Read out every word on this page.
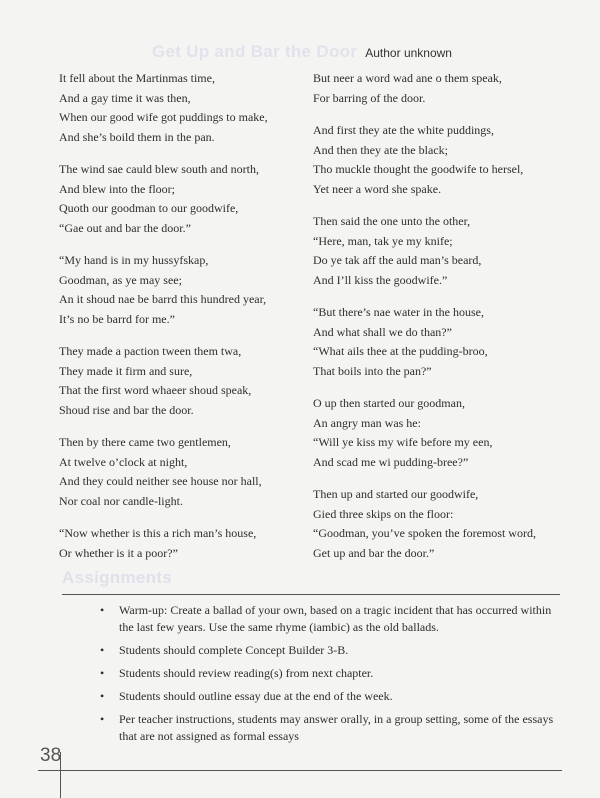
Get Up and Bar the Door Author unknown
It fell about the Martinmas time,
And a gay time it was then,
When our good wife got puddings to make,
And she’s boild them in the pan.
The wind sae cauld blew south and north,
And blew into the floor;
Quoth our goodman to our goodwife,
“Gae out and bar the door.”
“My hand is in my hussyfskap,
Goodman, as ye may see;
An it shoud nae be barrd this hundred year,
It’s no be barrd for me.”
They made a paction tween them twa,
They made it firm and sure,
That the first word whaeer shoud speak,
Shoud rise and bar the door.
Then by there came two gentlemen,
At twelve o’clock at night,
And they could neither see house nor hall,
Nor coal nor candle-light.
“Now whether is this a rich man’s house,
Or whether is it a poor?”
But neer a word wad ane o them speak,
For barring of the door.
And first they ate the white puddings,
And then they ate the black;
Tho muckle thought the goodwife to hersel,
Yet neer a word she spake.
Then said the one unto the other,
“Here, man, tak ye my knife;
Do ye tak aff the auld man’s beard,
And I’ll kiss the goodwife.”
“But there’s nae water in the house,
And what shall we do than?”
“What ails thee at the pudding-broo,
That boils into the pan?”
O up then started our goodman,
An angry man was he:
“Will ye kiss my wife before my een,
And scad me wi pudding-bree?”
Then up and started our goodwife,
Gied three skips on the floor:
“Goodman, you’ve spoken the foremost word,
Get up and bar the door.”
Assignments
• Warm-up: Create a ballad of your own, based on a tragic incident that has occurred within the last few years. Use the same rhyme (iambic) as the old ballads.
• Students should complete Concept Builder 3-B.
• Students should review reading(s) from next chapter.
• Students should outline essay due at the end of the week.
• Per teacher instructions, students may answer orally, in a group setting, some of the essays that are not assigned as formal essays
38
